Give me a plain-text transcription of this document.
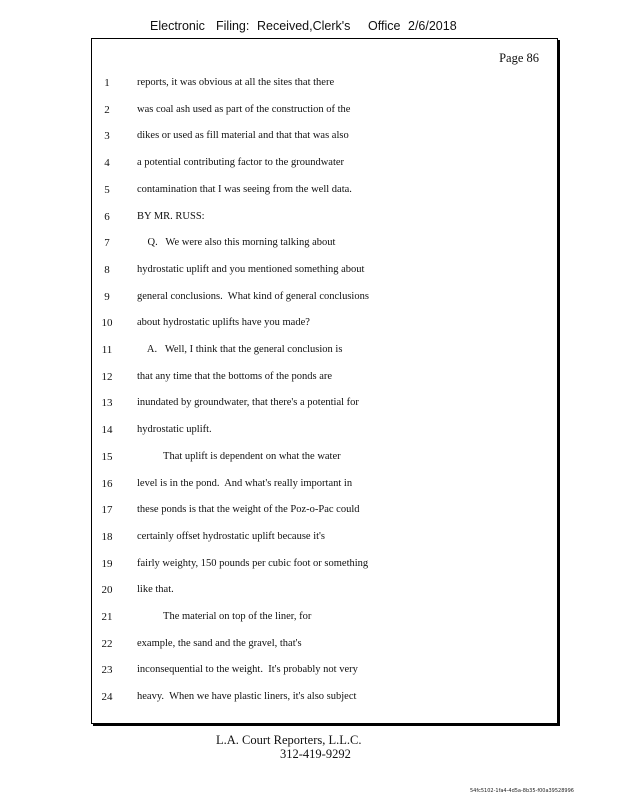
Electronic Filing: Received,Clerk's Office 2/6/2018
Page 86
1	reports, it was obvious at all the sites that there
2	was coal ash used as part of the construction of the
3	dikes or used as fill material and that that was also
4	a potential contributing factor to the groundwater
5	contamination that I was seeing from the well data.
6	BY MR. RUSS:
7	Q.   We were also this morning talking about
8	hydrostatic uplift and you mentioned something about
9	general conclusions.  What kind of general conclusions
10	about hydrostatic uplifts have you made?
11	A.   Well, I think that the general conclusion is
12	that any time that the bottoms of the ponds are
13	inundated by groundwater, that there's a potential for
14	hydrostatic uplift.
15	That uplift is dependent on what the water
16	level is in the pond.  And what's really important in
17	these ponds is that the weight of the Poz-o-Pac could
18	certainly offset hydrostatic uplift because it's
19	fairly weighty, 150 pounds per cubic foot or something
20	like that.
21	The material on top of the liner, for
22	example, the sand and the gravel, that's
23	inconsequential to the weight.  It's probably not very
24	heavy.  When we have plastic liners, it's also subject
L.A. Court Reporters, L.L.C.
312-419-9292
54fc5102-1fa4-4d5a-8b35-f00a39528996
